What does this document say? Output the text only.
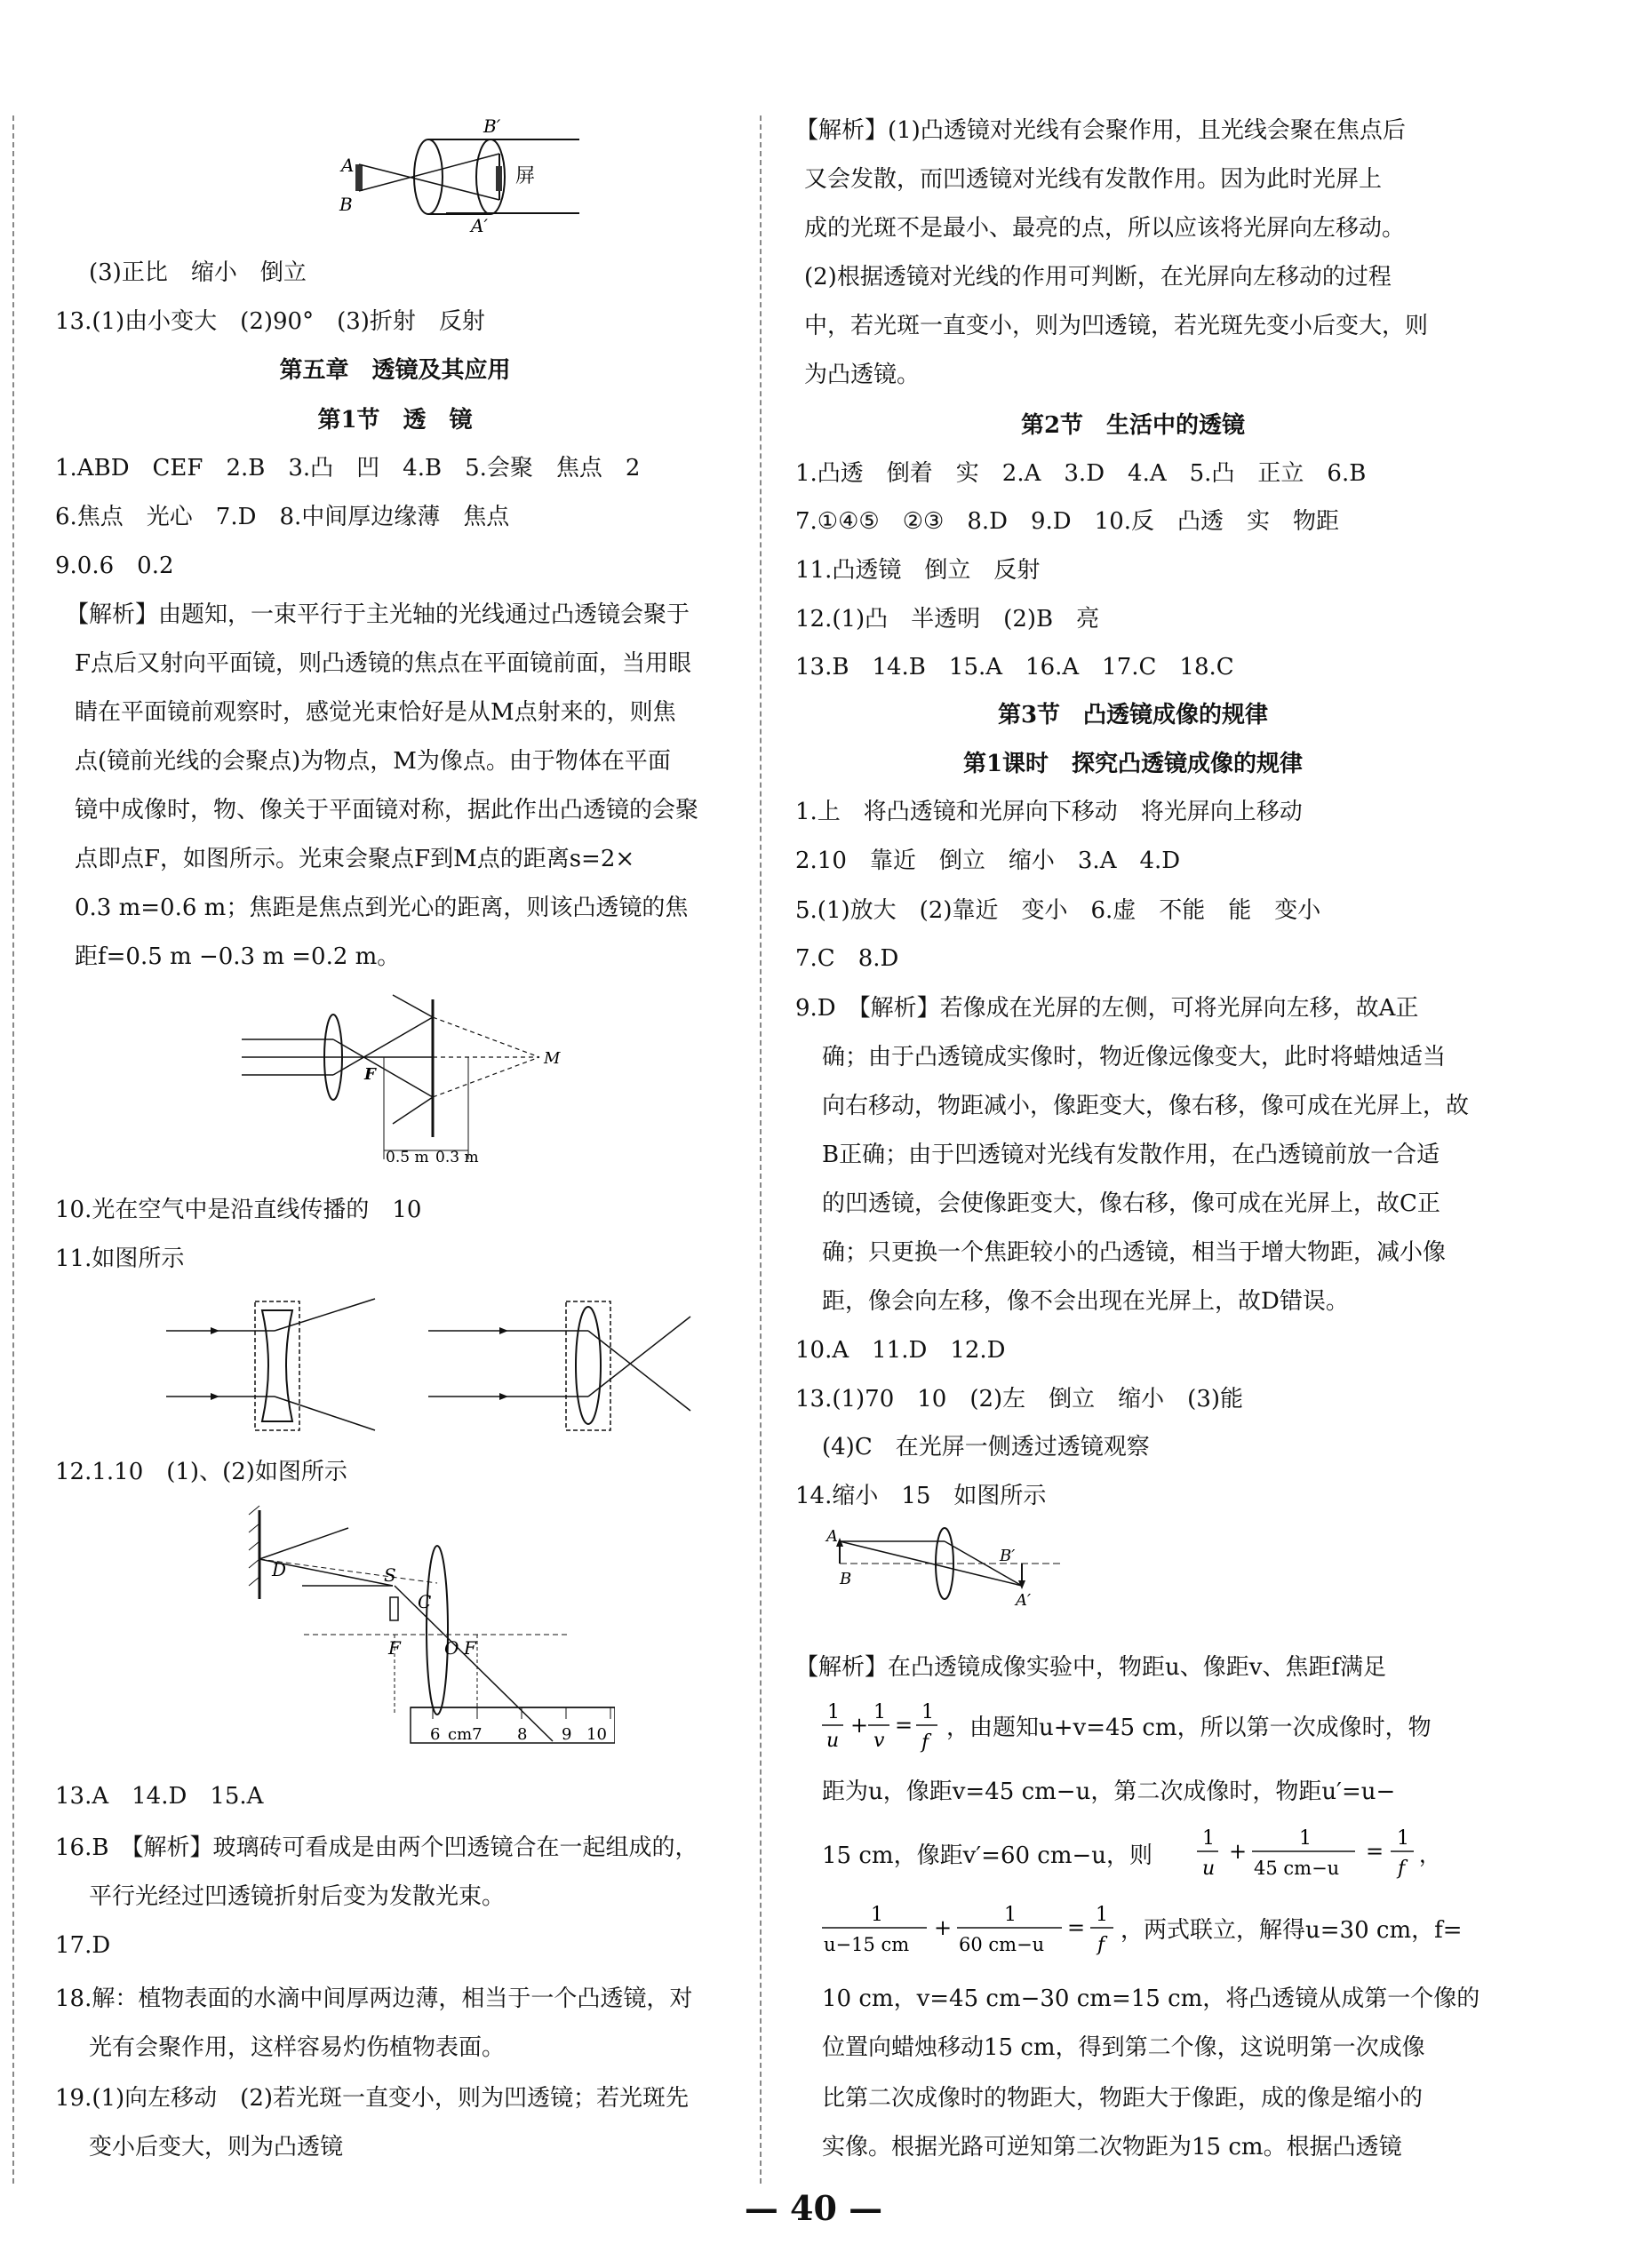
A
B
B′
A′
屏
(3)正比　缩小　倒立
13.(1)由小变大　(2)90°　(3)折射　反射
第五章　透镜及其应用
第1节　透　镜
1.ABD　CEF　2.B　3.凸　凹　4.B　5.会聚　焦点　2
6.焦点　光心　7.D　8.中间厚边缘薄　焦点
9.0.6　0.2
【解析】由题知，一束平行于主光轴的光线通过凸透镜会聚于
F点后又射向平面镜，则凸透镜的焦点在平面镜前面，当用眼
睛在平面镜前观察时，感觉光束恰好是从M点射来的，则焦
点(镜前光线的会聚点)为物点，M为像点。由于物体在平面
镜中成像时，物、像关于平面镜对称，据此作出凸透镜的会聚
点即点F，如图所示。光束会聚点F到M点的距离s=2×
0.3 m=0.6 m；焦距是焦点到光心的距离，则该凸透镜的焦
距f=0.5 m −0.3 m =0.2 m。
F
M
0.5 m 0.3 m
10.光在空气中是沿直线传播的　10
11.如图所示
12.1.10　(1)、(2)如图所示
D	S
C
F O F
6 cm7 8 9 10
13.A　14.D　15.A
16.B　【解析】玻璃砖可看成是由两个凹透镜合在一起组成的，
平行光经过凹透镜折射后变为发散光束。
17.D
18.解：植物表面的水滴中间厚两边薄，相当于一个凸透镜，对
光有会聚作用，这样容易灼伤植物表面。
19.(1)向左移动　(2)若光斑一直变小，则为凹透镜；若光斑先
变小后变大，则为凸透镜
【解析】(1)凸透镜对光线有会聚作用，且光线会聚在焦点后
又会发散，而凹透镜对光线有发散作用。因为此时光屏上
成的光斑不是最小、最亮的点，所以应该将光屏向左移动。
(2)根据透镜对光线的作用可判断，在光屏向左移动的过程
中，若光斑一直变小，则为凹透镜，若光斑先变小后变大，则
为凸透镜。
第2节　生活中的透镜
1.凸透　倒着　实　2.A　3.D　4.A　5.凸　正立　6.B
7.①④⑤　②③　8.D　9.D　10.反　凸透　实　物距
11.凸透镜　倒立　反射
12.(1)凸　半透明　(2)B　亮
13.B　14.B　15.A　16.A　17.C　18.C
第3节　凸透镜成像的规律
第1课时　探究凸透镜成像的规律
1.上　将凸透镜和光屏向下移动　将光屏向上移动
2.10　靠近　倒立　缩小　3.A　4.D
5.(1)放大　(2)靠近　变小　6.虚　不能　能　变小
7.C　8.D
9.D　【解析】若像成在光屏的左侧，可将光屏向左移，故A正
确；由于凸透镜成实像时，物近像远像变大，此时将蜡烛适当
向右移动，物距减小，像距变大，像右移，像可成在光屏上，故
B正确；由于凹透镜对光线有发散作用，在凸透镜前放一合适
的凹透镜，会使像距变大，像右移，像可成在光屏上，故C正
确；只更换一个焦距较小的凸透镜，相当于增大物距，减小像
距，像会向左移，像不会出现在光屏上，故D错误。
10.A　11.D　12.D
13.(1)70　10　(2)左　倒立　缩小　(3)能
(4)C　在光屏一侧透过透镜观察
14.缩小　15　如图所示
A
B
B′
A′
【解析】在凸透镜成像实验中，物距u、像距v、焦距f满足
1
u
+
1
v
=
1
f
，由题知u+v=45 cm，所以第一次成像时，物
距为u，像距v=45 cm−u，第二次成像时，物距u′=u−
15 cm，像距v′=60 cm−u，则
1
u
+
1
45 cm−u
=
1
f
，
1
u−15 cm
+
1
60 cm−u
=
1
f
，两式联立，解得u=30 cm，f=
10 cm，v=45 cm−30 cm=15 cm，将凸透镜从成第一个像的
位置向蜡烛移动15 cm，得到第二个像，这说明第一次成像
比第二次成像时的物距大，物距大于像距，成的像是缩小的
实像。根据光路可逆知第二次物距为15 cm。根据凸透镜
— 40 —
